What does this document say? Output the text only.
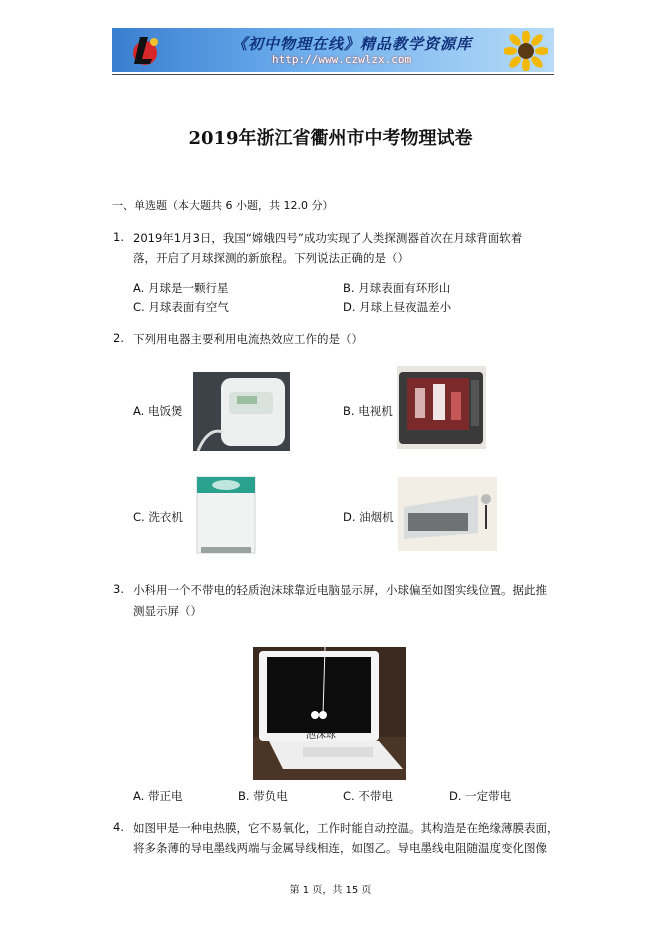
《初中物理在线》精品教学资源库
http://www.czwlzx.com
2019年浙江省衢州市中考物理试卷
一、单选题（本大题共 6 小题，共 12.0 分）
1. 2019年1月3日，我国“嫦娥四号”成功实现了人类探测器首次在月球背面软着
落，开启了月球探测的新旅程。下列说法正确的是（）
A. 月球是一颗行星	B. 月球表面有环形山
C. 月球表面有空气	D. 月球上昼夜温差小
2. 下列用电器主要利用电流热效应工作的是（）
A. 电饭煲	B. 电视机
C. 洗衣机	D. 油烟机
3. 小科用一个不带电的轻质泡沫球靠近电脑显示屏，小球偏至如图实线位置。据此推
测显示屏（）
泡沫球
A. 带正电	B. 带负电	C. 不带电	D. 一定带电
4. 如图甲是一种电热膜，它不易氧化，工作时能自动控温。其构造是在绝缘薄膜表面，
将多条薄的导电墨线两端与金属导线相连，如图乙。导电墨线电阻随温度变化图像
第 1 页，共 15 页
